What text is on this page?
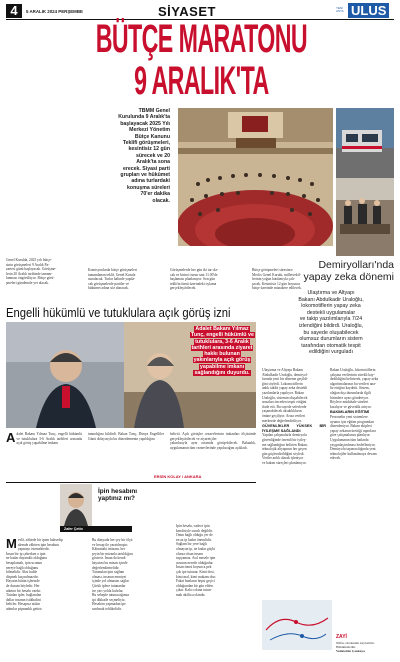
4	5 ARALIK 2024 PERŞEMBE	SİYASET	YENİ ASYA ULUS
BÜTÇE MARATONU
9 ARALIK'TA
TBMM Genel
Kurulunda 9 Aralık'ta
başlayacak 2025 Yılı
Merkezi Yönetim
Bütçe Kanunu
Teklifi görüşmeleri,
kesintisiz 12 gün
sürecek ve 20
Aralık'ta sona
erecek. Siyasi parti
grupları ve hükümet
adına turlardaki
konuşma süreleri
70'er dakika
olacak.
Genel Kurulda, 2025 yılı bütçe-
sinin görüşmeleri 9 Aralık Pa-
zartesi günü başlayacak. Görüşme-
lerin 20 Aralık tarihinde tamam-
lanması öngörülüyor. Bütçe görü-
şmeleri gündemde yer alacak.
Komisyonlarda bütçe görüşmeleri
tamamlanan teklif, Genel Kurula
sunulacak. Turlar halinde yapıla-
cak görüşmelerde partiler ve
hükümet adına söz alınacak.
Görüşmelerde her gün iki tur ola-
cak ve birinci turun saat 11.00'de
başlaması planlanıyor. Son gün
teklifin tümü üzerindeki oylama
gerçekleştirilecek.
Bütçe görüşmeleri süresince
Meclis Genel Kurulu, milletvekil-
lerinin yoğun katılımıyla çalı-
şacak. Kesintisiz 12 gün boyunca
bütçe üzerinde müzakere edilecek.
Demiryolları'nda
yapay zeka dönemi
Ulaştırma ve Altyapı
Bakanı Abdulkadir Uraloğlu,
lokomotiflerin yapay zeka
destekli uygulamalar
ve takip yazılımlarıyla 7/24
izlendiğini bildirdi. Uraloğlu,
bu sayede oluşabilecek
olumsuz durumların sistem
tarafından otomatik tespit
edildiğini vurguladı
Ulaştırma ve Altyapı Bakanı
Abdulkadir Uraloğlu, demiryol-
larında yeni bir döneme geçildi-
ğini söyledi. Lokomotiflerin
anlık takibi yapay zeka destekli
yazılımlarla yapılıyor. Bakan
Uraloğlu, sistemin oluşabilecek
arızaları önceden tespit ettiğini
ifade etti. Bu sayede seferlerde
yaşanabilecek aksaklıkların
önüne geçiliyor. Arıza verileri
merkezde değerlendiriliyor.
GÜVENLİKLER YÜKSEK BİR İYİLEŞME SAĞLANDI
Yapılan çalışmalarla demiryolu
güvenliğinde önemli bir iyileş-
me sağlandığını belirten Bakan,
teknolojik altyapının her geçen
gün güçlendirildiğini söyledi.
Veriler anlık olarak işleniyor
ve bakım süreçleri planlanıyor.
Bakan Uraloğlu, lokomotiflerin
çalışma verilerinin sürekli kay-
dedildiğini belirterek, yapay zeka
algoritmalarının bu verileri ana-
liz ettiğini kaydetti. Sistem,
olağan dışı durumlarda ilgili
birimlere uyarı gönderiyor.
Böylece müdahale süreleri
kısalıyor ve güvenlik artıyor.
BAKIMLARIN EĞİTİMİ
Personelin yeni sistemlere
uyumu için eğitim programları
düzenleniyor. Bakım ekipleri
yapay zekanın ürettiği raporlara
göre çalışmalarını planlıyor.
Uygulamanın tüm hatlarda
yaygınlaştırılması hedefleniyor.
Demiryolu taşımacılığında yeni
teknolojiler kullanılmaya devam
edecek.
ZAYİ
Nüfus cüzdanımı kaybettim.
Hükümsüzdür.
Vedatettin Çankaya
Engelli hükümlü ve tutuklulara açık görüş izni
Adalet Bakanı Yılmaz Tunç, engelli hükümlü ve tutuklulara, 3-6 Aralık tarihleri arasında ziyaret hakkı bulunan yakınlarıyla açık görüş yapabilme imkanı sağlandığını duyurdu.
A dalet Bakanı Yılmaz Tunç, engelli hükümlü ve tutuklulara 3-6 Aralık tarihleri arasında açık görüş yapabilme imkanı
tanındığını bildirdi. Bakan Tunç, Dünya Engelliler Günü dolayısıyla bu düzenlemenin yapıldığını
belirtti. Açık görüşler cezaevlerinin imkanları ölçüsünde gerçekleştirilecek ve ziyaretçiler
yakınlarıyla aynı ortamda görüşebilecek. Bakanlık, uygulamanın tüm cezaevlerinde yapılacağını açıkladı.
ERSİN KOLAY / ANKARA
İpin hesabını
yaptınız mı?
Zafer Çetin
M evlâ, zâhirde bir ipten bahsedip
alemde zâhiren ipin hesabını
yapmayı istemektedir.
İnsan bir ip çekerken o ipin
ne kadar dayanıklı olduğunu
hesaplamalı, ipin ucunun
nereye bağlı olduğunu
bilmelidir. Aksi halde
düşmek kaçınılmazdır.
Hayatın bütün işlerinde
de durum böyledir. Her
adımın bir hesabı vardır.
Tutulan ipler, bağlanılan
dallar insanın istikbalini
belirler. Hesapsız atılan
adımlar pişmanlık getirir.
Bu dünyada her şey bir ölçü
ve hesap ile yaratılmıştır.
Kâinattaki intizam, her
şeyin bir mizanla tartıldığını
gösterir. İnsan da kendi
hayatını bu mizan içinde
değerlendirmelidir.
Tutunulan ipin sağlam
olması, insanın emniyet
içinde yol almasını sağlar.
Çürük iplere tutunanlar
ise yarı yolda kalırlar.
Bu sebeple tutunacağımız
ipi dikkatle seçmeliyiz.
Hesabını yapmadan ipe
sarılmak tehlikelidir.
İpin hesabı, sadece ipin
kendisiyle sınırlı değildir.
Onun bağlı olduğu yer de
en az ip kadar önemlidir.
Sağlam bir yere bağlı
olmayan ip, ne kadar güçlü
olursa olsun insanı
taşıyamaz. Asıl mesele ipin
ucunun nerede olduğudur.
İnsan ömrü boyunca pek
çok ipe tutunur. Kimi dost,
kimi mal, kimi makam olur.
Fakat bunların hepsi geçici
olduğundan bir gün elden
çıkar. Kalıcı olana tutun-
mak akıllıca olandır.
